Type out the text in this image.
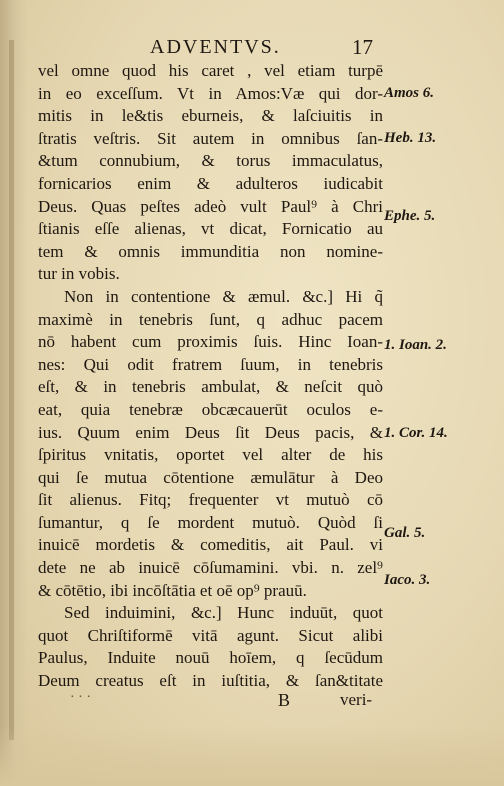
ADVENTVS.	17
vel omne quod his caret , vel etiam turpē
in eo exceſſum. Vt in Amos:Væ qui dor-
mitis in le&tis eburneis, & laſciuitis in
ſtratis veſtris. Sit autem in omnibus ſan-
&tum connubium, & torus immaculatus,
fornicarios enim & adulteros iudicabit
Deus. Quas peſtes adeò vult Paul⁹ à Chri
ſtianis eſſe alienas, vt dicat, Fornicatio au
tem & omnis immunditia non nomine-
tur in vobis.
Non in contentione & æmul. &c.] Hi q̃
maximè in tenebris ſunt, q adhuc pacem
nō habent cum proximis ſuis. Hinc Ioan-
nes: Qui odit fratrem ſuum, in tenebris
eſt, & in tenebris ambulat, & neſcit quò
eat, quia tenebræ obcæcauerūt oculos e-
ius. Quum enim Deus ſit Deus pacis, &
ſpiritus vnitatis, oportet vel alter de his
qui ſe mutua cōtentione æmulātur à Deo
ſit alienus. Fitq; frequenter vt mutuò cō
ſumantur, q ſe mordent mutuò. Quòd ſi
inuicē mordetis & comeditis, ait Paul. vi
dete ne ab inuicē cōſumamini. vbi. n. zel⁹
& cōtētio, ibi incōſtātia et oē op⁹ prauū.
Sed induimini, &c.] Hunc induūt, quot
quot Chriſtiformē vitā agunt. Sicut alibi
Paulus, Induite nouū hoīem, q ſecūdum
Deum creatus eſt in iuſtitia, & ſan&titate
Amos 6.
Heb. 13.
Ephe. 5.
1. Ioan. 2.
1. Cor. 14.
Gal. 5.
Iaco. 3.
· · ·	B	veri-
